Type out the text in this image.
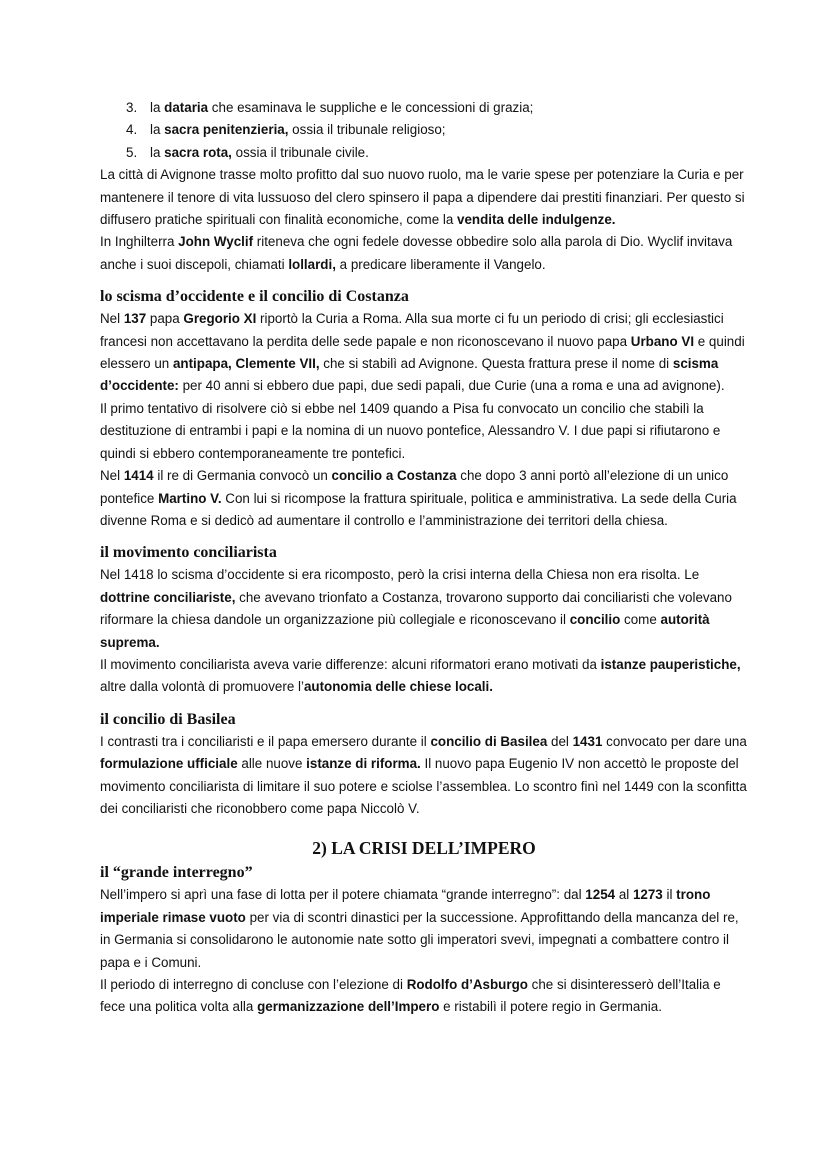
3. la dataria che esaminava le suppliche e le concessioni di grazia;
4. la sacra penitenzieria, ossia il tribunale religioso;
5. la sacra rota, ossia il tribunale civile.

La città di Avignone trasse molto profitto dal suo nuovo ruolo, ma le varie spese per potenziare la Curia e per mantenere il tenore di vita lussuoso del clero spinsero il papa a dipendere dai prestiti finanziari. Per questo si diffusero pratiche spirituali con finalità economiche, come la vendita delle indulgenze.

In Inghilterra John Wyclif riteneva che ogni fedele dovesse obbedire solo alla parola di Dio. Wyclif invitava anche i suoi discepoli, chiamati lollardi, a predicare liberamente il Vangelo.

lo scisma d’occidente e il concilio di Costanza

Nel 137 papa Gregorio XI riportò la Curia a Roma. Alla sua morte ci fu un periodo di crisi; gli ecclesiastici francesi non accettavano la perdita delle sede papale e non riconoscevano il nuovo papa Urbano VI e quindi elessero un antipapa, Clemente VII, che si stabilì ad Avignone. Questa frattura prese il nome di scisma d’occidente: per 40 anni si ebbero due papi, due sedi papali, due Curie (una a roma e una ad avignone).

Il primo tentativo di risolvere ciò si ebbe nel 1409 quando a Pisa fu convocato un concilio che stabilì la destituzione di entrambi i papi e la nomina di un nuovo pontefice, Alessandro V. I due papi si rifiutarono e quindi si ebbero contemporaneamente tre pontefici.

Nel 1414 il re di Germania convocò un concilio a Costanza che dopo 3 anni portò all’elezione di un unico pontefice Martino V. Con lui si ricompose la frattura spirituale, politica e amministrativa. La sede della Curia divenne Roma e si dedicò ad aumentare il controllo e l’amministrazione dei territori della chiesa.

il movimento conciliarista

Nel 1418 lo scisma d’occidente si era ricomposto, però la crisi interna della Chiesa non era risolta. Le dottrine conciliariste, che avevano trionfato a Costanza, trovarono supporto dai conciliaristi che volevano riformare la chiesa dandole un organizzazione più collegiale e riconoscevano il concilio come autorità suprema.

Il movimento conciliarista aveva varie differenze: alcuni riformatori erano motivati da istanze pauperistiche, altre dalla volontà di promuovere l’autonomia delle chiese locali.

il concilio di Basilea

I contrasti tra i conciliaristi e il papa emersero durante il concilio di Basilea del 1431 convocato per dare una formulazione ufficiale alle nuove istanze di riforma. Il nuovo papa Eugenio IV non accettò le proposte del movimento conciliarista di limitare il suo potere e sciolse l’assemblea. Lo scontro finì nel 1449 con la sconfitta dei conciliaristi che riconobbero come papa Niccolò V.

2) LA CRISI DELL’IMPERO
il “grande interregno”

Nell’impero si aprì una fase di lotta per il potere chiamata “grande interregno”: dal 1254 al 1273 il trono imperiale rimase vuoto per via di scontri dinastici per la successione. Approfittando della mancanza del re, in Germania si consolidarono le autonomie nate sotto gli imperatori svevi, impegnati a combattere contro il papa e i Comuni.

Il periodo di interregno di concluse con l’elezione di Rodolfo d’Asburgo che si disinteresserò dell’Italia e fece una politica volta alla germanizzazione dell’Impero e ristabilì il potere regio in Germania.
